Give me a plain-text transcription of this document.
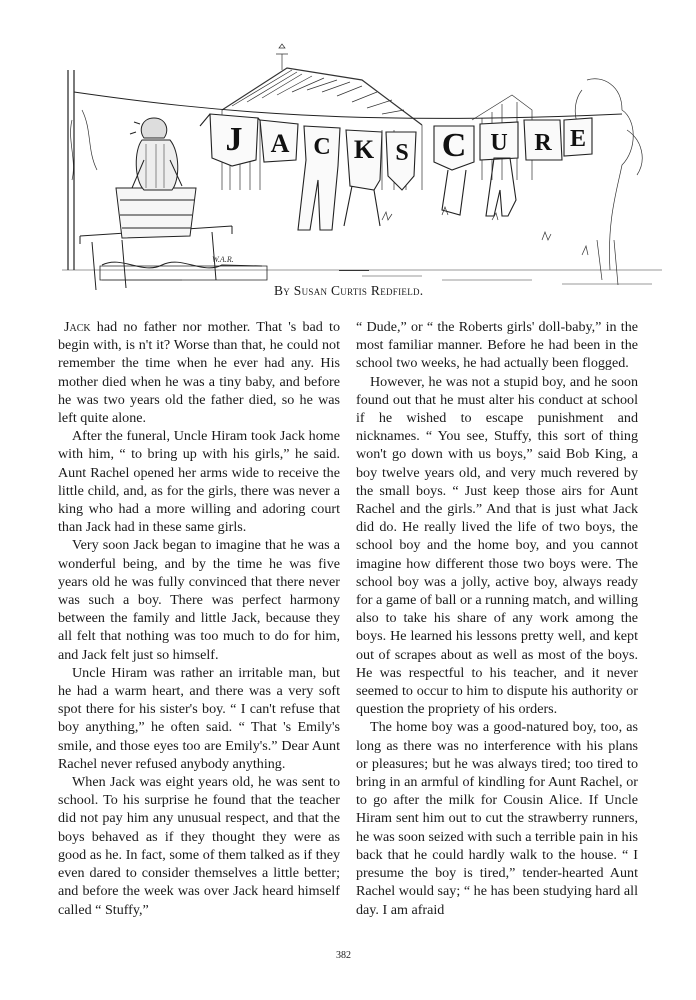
J A C K S C U R E
W.A.R.
By Susan Curtis Redfield.

Jack had no father nor mother. That 's bad to begin with, is n't it? Worse than that, he could not remember the time when he ever had any. His mother died when he was a tiny baby, and before he was two years old the father died, so he was left quite alone.

After the funeral, Uncle Hiram took Jack home with him, “ to bring up with his girls,” he said. Aunt Rachel opened her arms wide to receive the little child, and, as for the girls, there was never a king who had a more willing and adoring court than Jack had in these same girls.

Very soon Jack began to imagine that he was a wonderful being, and by the time he was five years old he was fully convinced that there never was such a boy. There was perfect harmony between the family and little Jack, because they all felt that nothing was too much to do for him, and Jack felt just so himself.

Uncle Hiram was rather an irritable man, but he had a warm heart, and there was a very soft spot there for his sister's boy. “ I can't refuse that boy anything,” he often said. “ That 's Emily's smile, and those eyes too are Emily's.” Dear Aunt Rachel never refused anybody anything.

When Jack was eight years old, he was sent to school. To his surprise he found that the teacher did not pay him any unusual respect, and that the boys behaved as if they thought they were as good as he. In fact, some of them talked as if they even dared to consider themselves a little better; and before the week was over Jack heard himself called “ Stuffy,”

“ Dude,” or “ the Roberts girls' doll-baby,” in the most familiar manner. Before he had been in the school two weeks, he had actually been flogged.

However, he was not a stupid boy, and he soon found out that he must alter his conduct at school if he wished to escape punishment and nicknames. “ You see, Stuffy, this sort of thing won't go down with us boys,” said Bob King, a boy twelve years old, and very much revered by the small boys. “ Just keep those airs for Aunt Rachel and the girls.” And that is just what Jack did do. He really lived the life of two boys, the school boy and the home boy, and you cannot imagine how different those two boys were. The school boy was a jolly, active boy, always ready for a game of ball or a running match, and willing also to take his share of any work among the boys. He learned his lessons pretty well, and kept out of scrapes about as well as most of the boys. He was respectful to his teacher, and it never seemed to occur to him to dispute his authority or question the propriety of his orders.

The home boy was a good-natured boy, too, as long as there was no interference with his plans or pleasures; but he was always tired; too tired to bring in an armful of kindling for Aunt Rachel, or to go after the milk for Cousin Alice. If Uncle Hiram sent him out to cut the strawberry runners, he was soon seized with such a terrible pain in his back that he could hardly walk to the house. “ I presume the boy is tired,” tender-hearted Aunt Rachel would say; “ he has been studying hard all day. I am afraid

382
